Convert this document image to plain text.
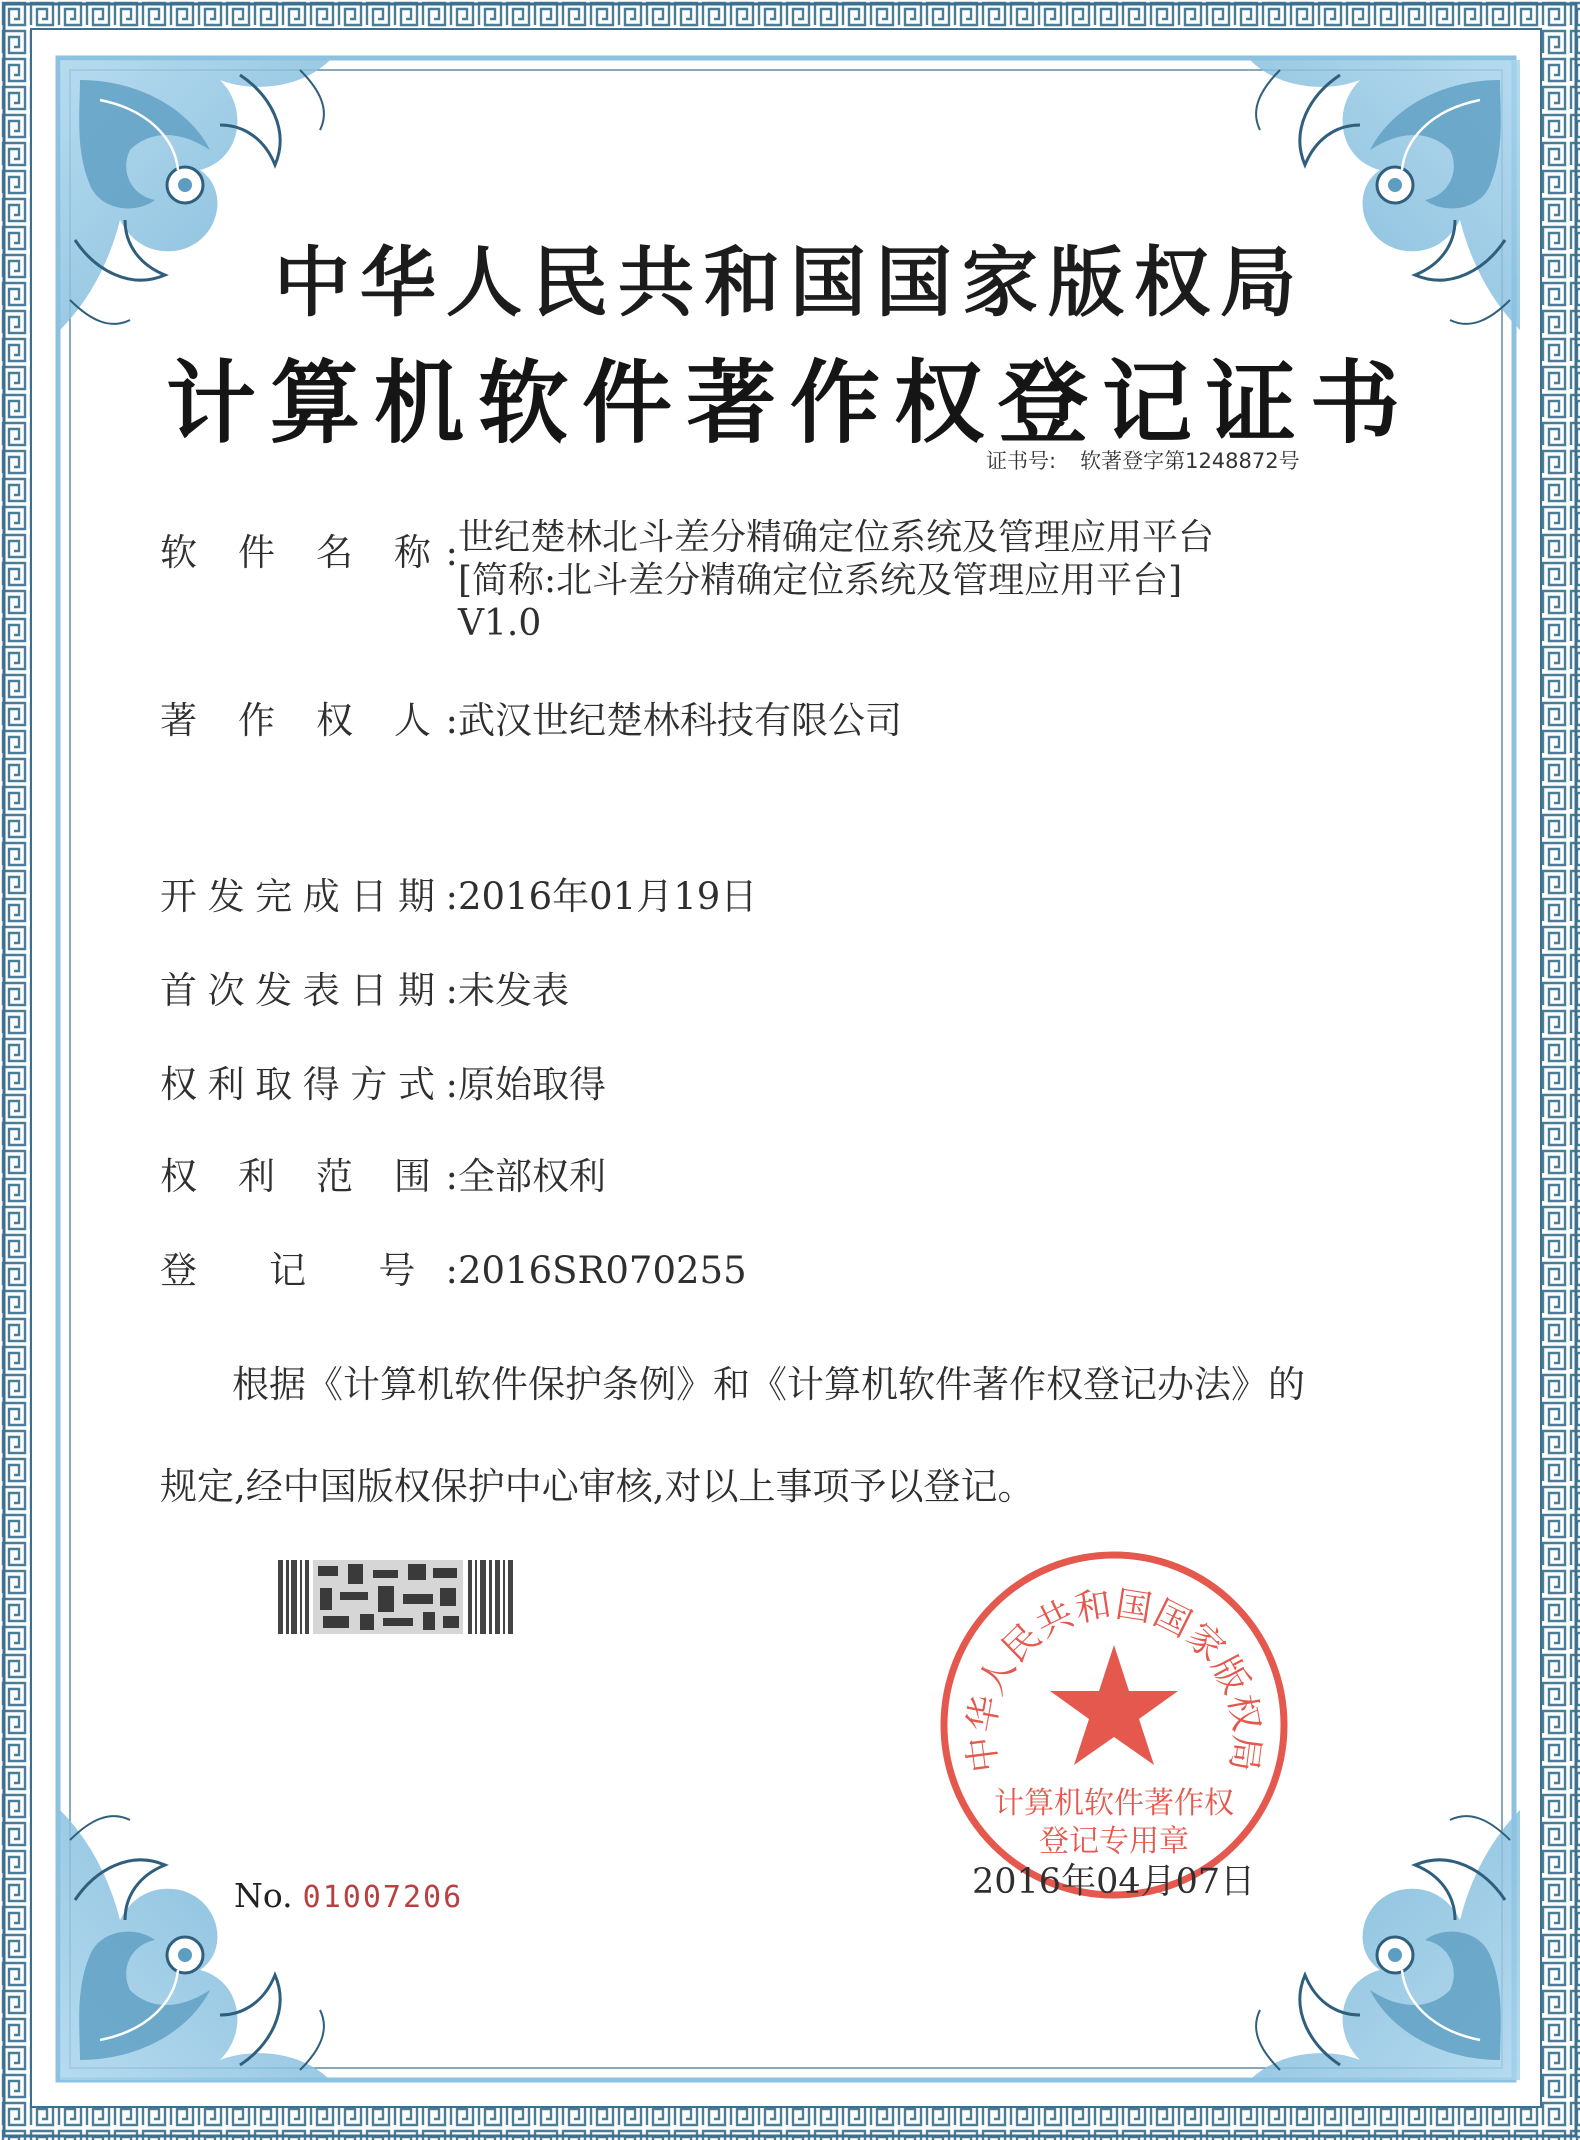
中华人民共和国国家版权局
计算机软件著作权登记证书
证书号: 软著登字第1248872号
软 件 名 称: 世纪楚林北斗差分精确定位系统及管理应用平台
[简称:北斗差分精确定位系统及管理应用平台]
V1.0
著 作 权 人:武汉世纪楚林科技有限公司
开发完成日期:2016年01月19日
首次发表日期:未发表
权利取得方式:原始取得
权 利 范 围:全部权利
登 记 号:2016SR070255
根据《计算机软件保护条例》和《计算机软件著作权登记办法》的
规定,经中国版权保护中心审核,对以上事项予以登记。
No. 01007206
中华人民共和国国家版权局
计算机软件著作权
登记专用章
2016年04月07日
